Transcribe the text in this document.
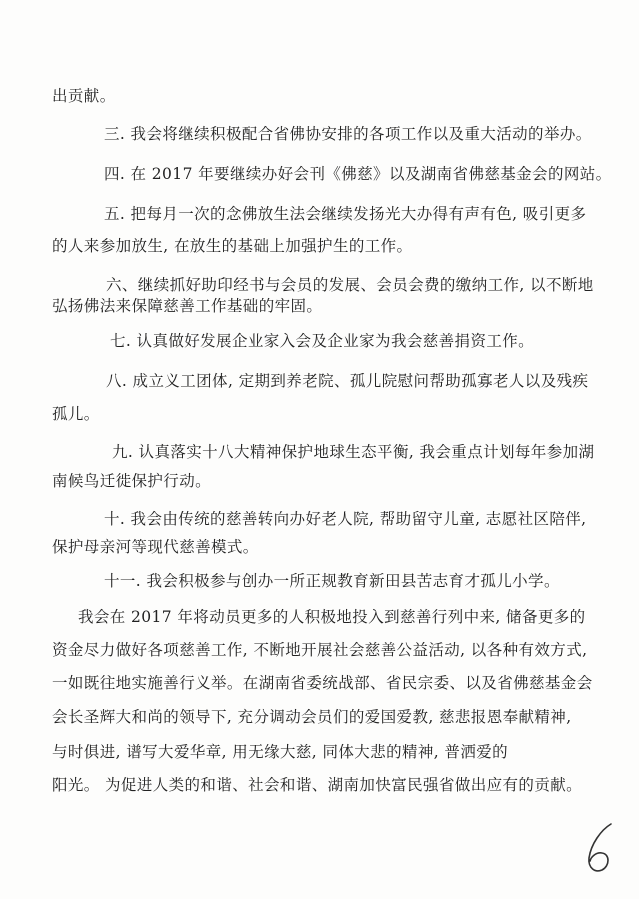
出贡献。
三. 我会将继续积极配合省佛协安排的各项工作以及重大活动的举办。
四. 在 2017 年要继续办好会刊《佛慈》以及湖南省佛慈基金会的网站。
五. 把每月一次的念佛放生法会继续发扬光大办得有声有色, 吸引更多
的人来参加放生, 在放生的基础上加强护生的工作。
六、继续抓好助印经书与会员的发展、会员会费的缴纳工作, 以不断地
弘扬佛法来保障慈善工作基础的牢固。
七. 认真做好发展企业家入会及企业家为我会慈善捐资工作。
八. 成立义工团体, 定期到养老院、孤儿院慰问帮助孤寡老人以及残疾
孤儿。
九. 认真落实十八大精神保护地球生态平衡, 我会重点计划每年参加湖
南候鸟迁徙保护行动。
十. 我会由传统的慈善转向办好老人院, 帮助留守儿童, 志愿社区陪伴,
保护母亲河等现代慈善模式。
十一. 我会积极参与创办一所正规教育新田县苦志育才孤儿小学。
我会在 2017 年将动员更多的人积极地投入到慈善行列中来, 储备更多的
资金尽力做好各项慈善工作, 不断地开展社会慈善公益活动, 以各种有效方式,
一如既往地实施善行义举。在湖南省委统战部、省民宗委、以及省佛慈基金会
会长圣辉大和尚的领导下, 充分调动会员们的爱国爱教, 慈悲报恩奉献精神,
与时俱进, 谱写大爱华章, 用无缘大慈, 同体大悲的精神, 普洒爱的
阳光。 为促进人类的和谐、社会和谐、湖南加快富民强省做出应有的贡献。
